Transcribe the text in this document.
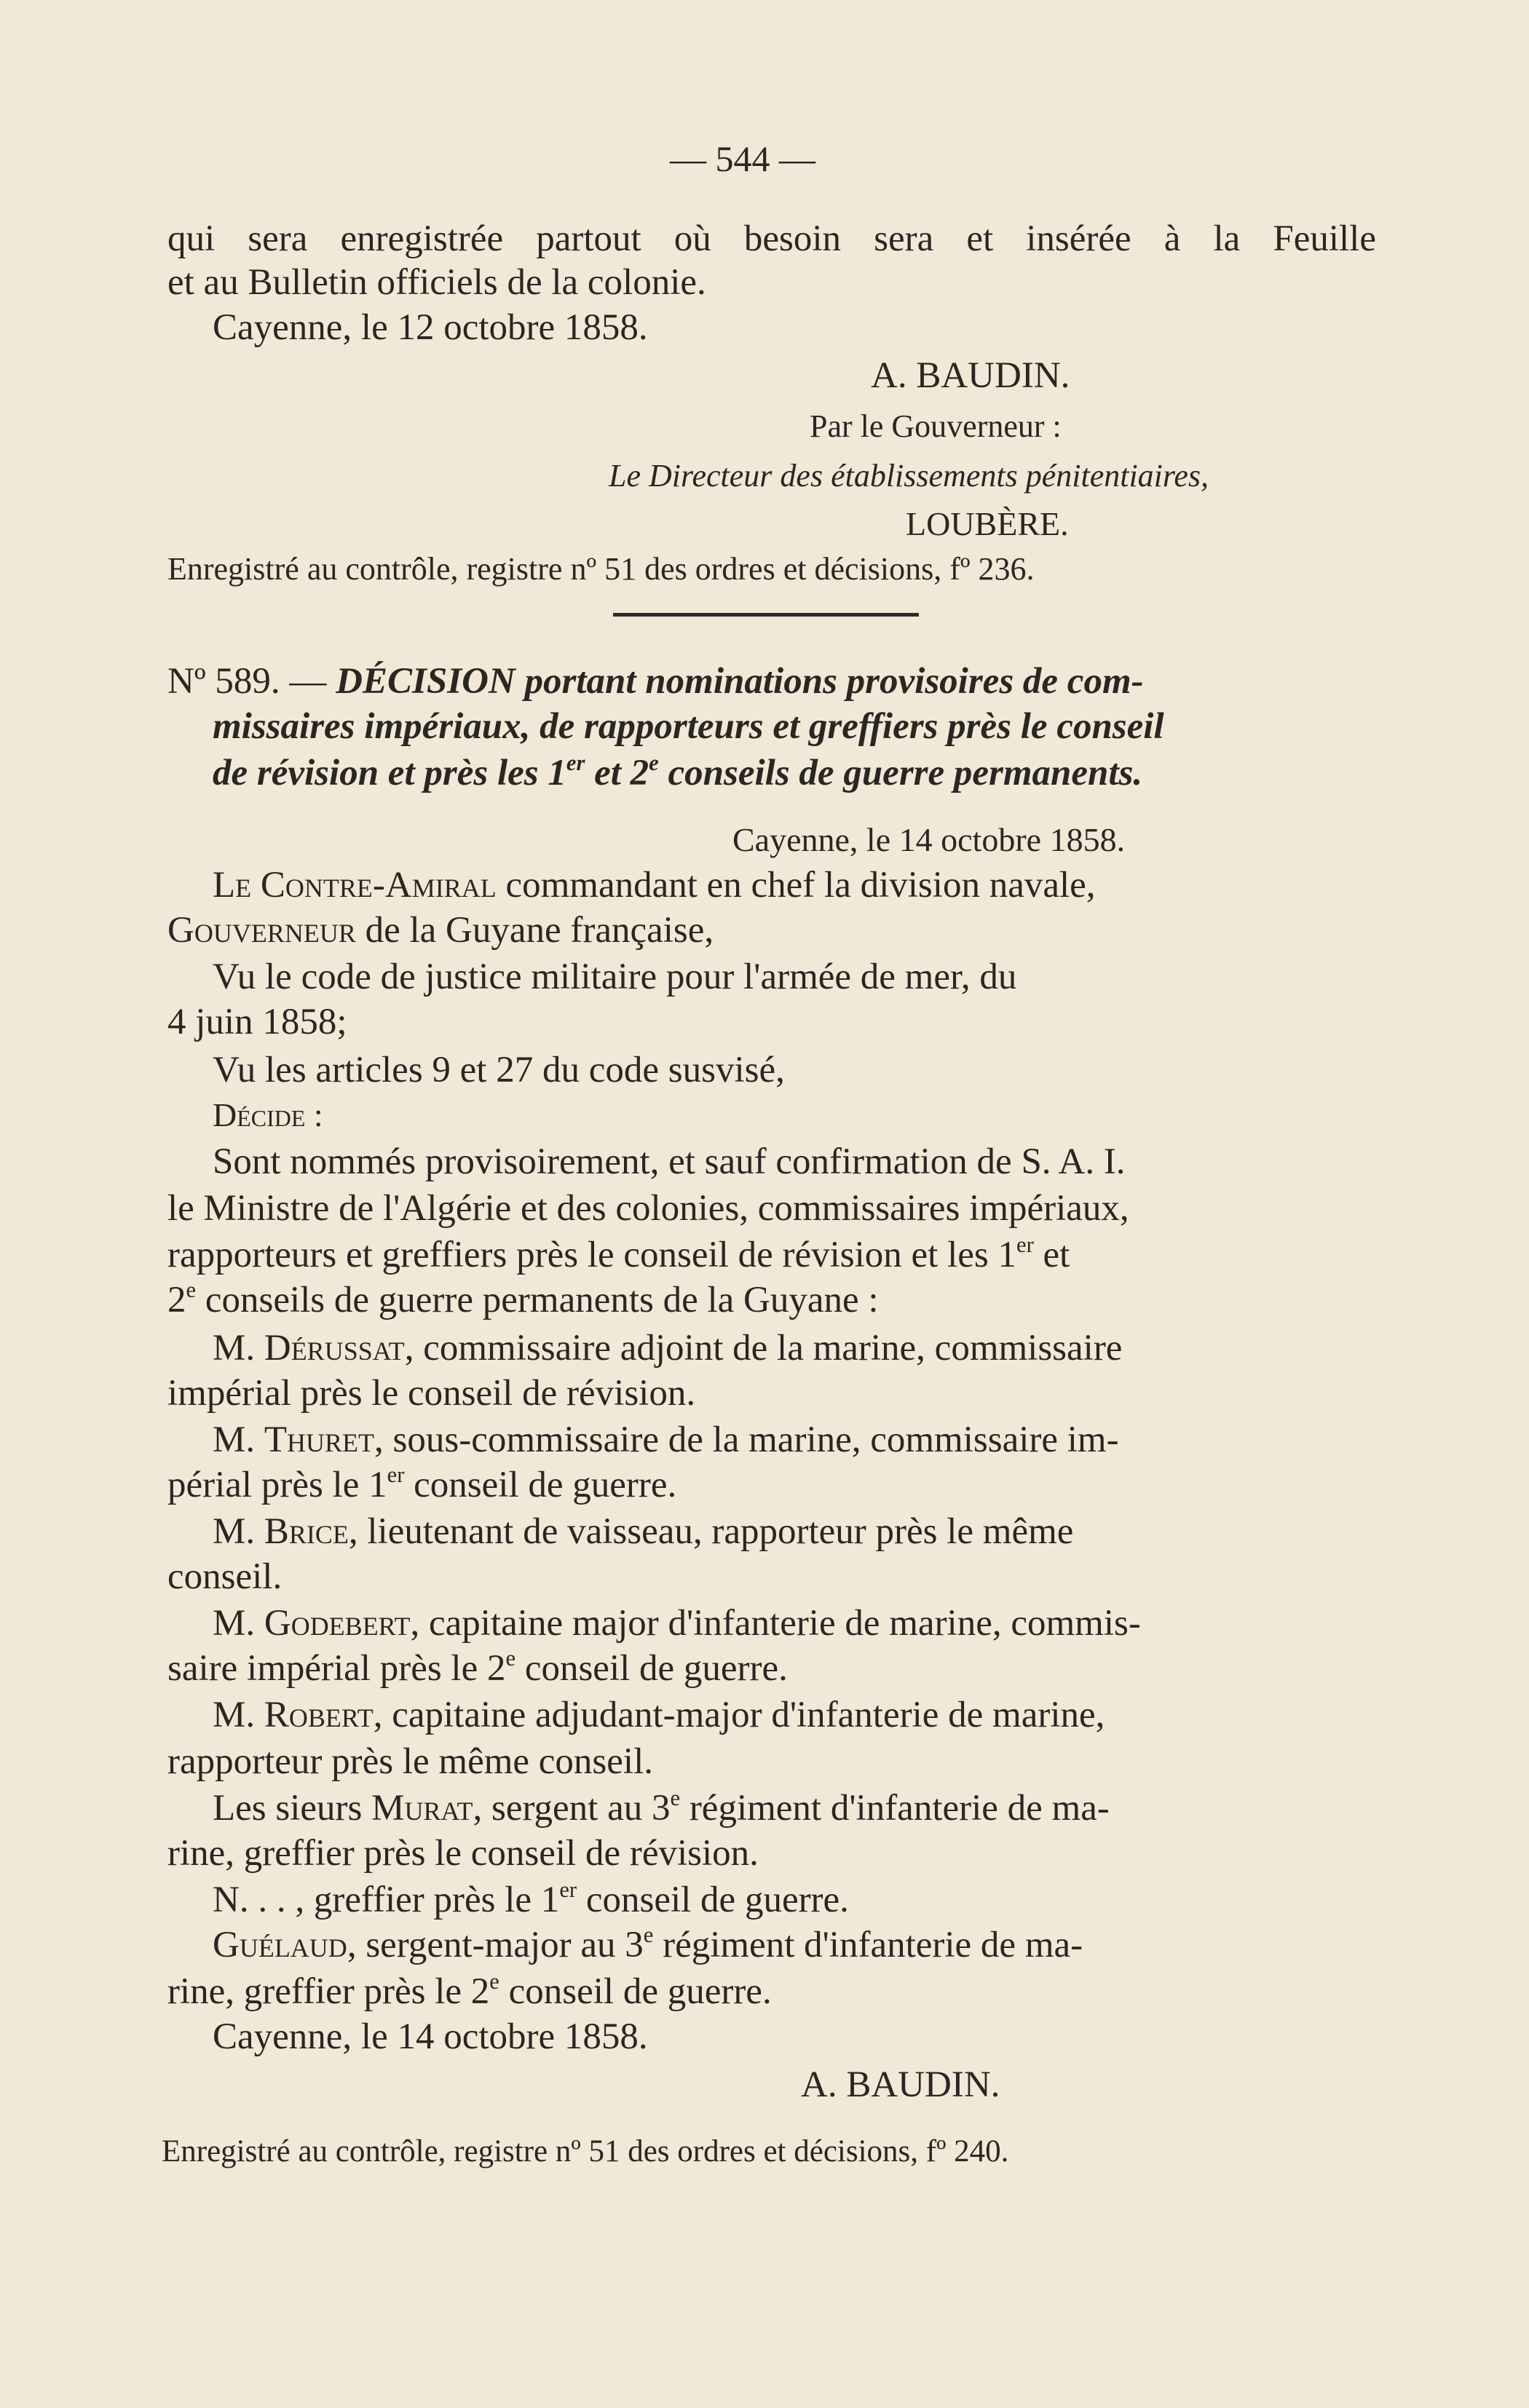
— 544 —
qui sera enregistrée partout où besoin sera et insérée à la Feuille
et au Bulletin officiels de la colonie.
Cayenne, le 12 octobre 1858.
A. BAUDIN.
Par le Gouverneur :
Le Directeur des établissements pénitentiaires,
LOUBÈRE.
Enregistré au contrôle, registre nº 51 des ordres et décisions, fº 236.
Nº 589. — DÉCISION portant nominations provisoires de com-
missaires impériaux, de rapporteurs et greffiers près le conseil
de révision et près les 1er et 2e conseils de guerre permanents.
Cayenne, le 14 octobre 1858.
Le Contre-Amiral commandant en chef la division navale,
Gouverneur de la Guyane française,
Vu le code de justice militaire pour l'armée de mer, du
4 juin 1858;
Vu les articles 9 et 27 du code susvisé,
Décide :
Sont nommés provisoirement, et sauf confirmation de S. A. I.
le Ministre de l'Algérie et des colonies, commissaires impériaux,
rapporteurs et greffiers près le conseil de révision et les 1er et
2e conseils de guerre permanents de la Guyane :
M. Dérussat, commissaire adjoint de la marine, commissaire
impérial près le conseil de révision.
M. Thuret, sous-commissaire de la marine, commissaire im-
périal près le 1er conseil de guerre.
M. Brice, lieutenant de vaisseau, rapporteur près le même
conseil.
M. Godebert, capitaine major d'infanterie de marine, commis-
saire impérial près le 2e conseil de guerre.
M. Robert, capitaine adjudant-major d'infanterie de marine,
rapporteur près le même conseil.
Les sieurs Murat, sergent au 3e régiment d'infanterie de ma-
rine, greffier près le conseil de révision.
N. . . , greffier près le 1er conseil de guerre.
Guélaud, sergent-major au 3e régiment d'infanterie de ma-
rine, greffier près le 2e conseil de guerre.
Cayenne, le 14 octobre 1858.
A. BAUDIN.
Enregistré au contrôle, registre nº 51 des ordres et décisions, fº 240.
